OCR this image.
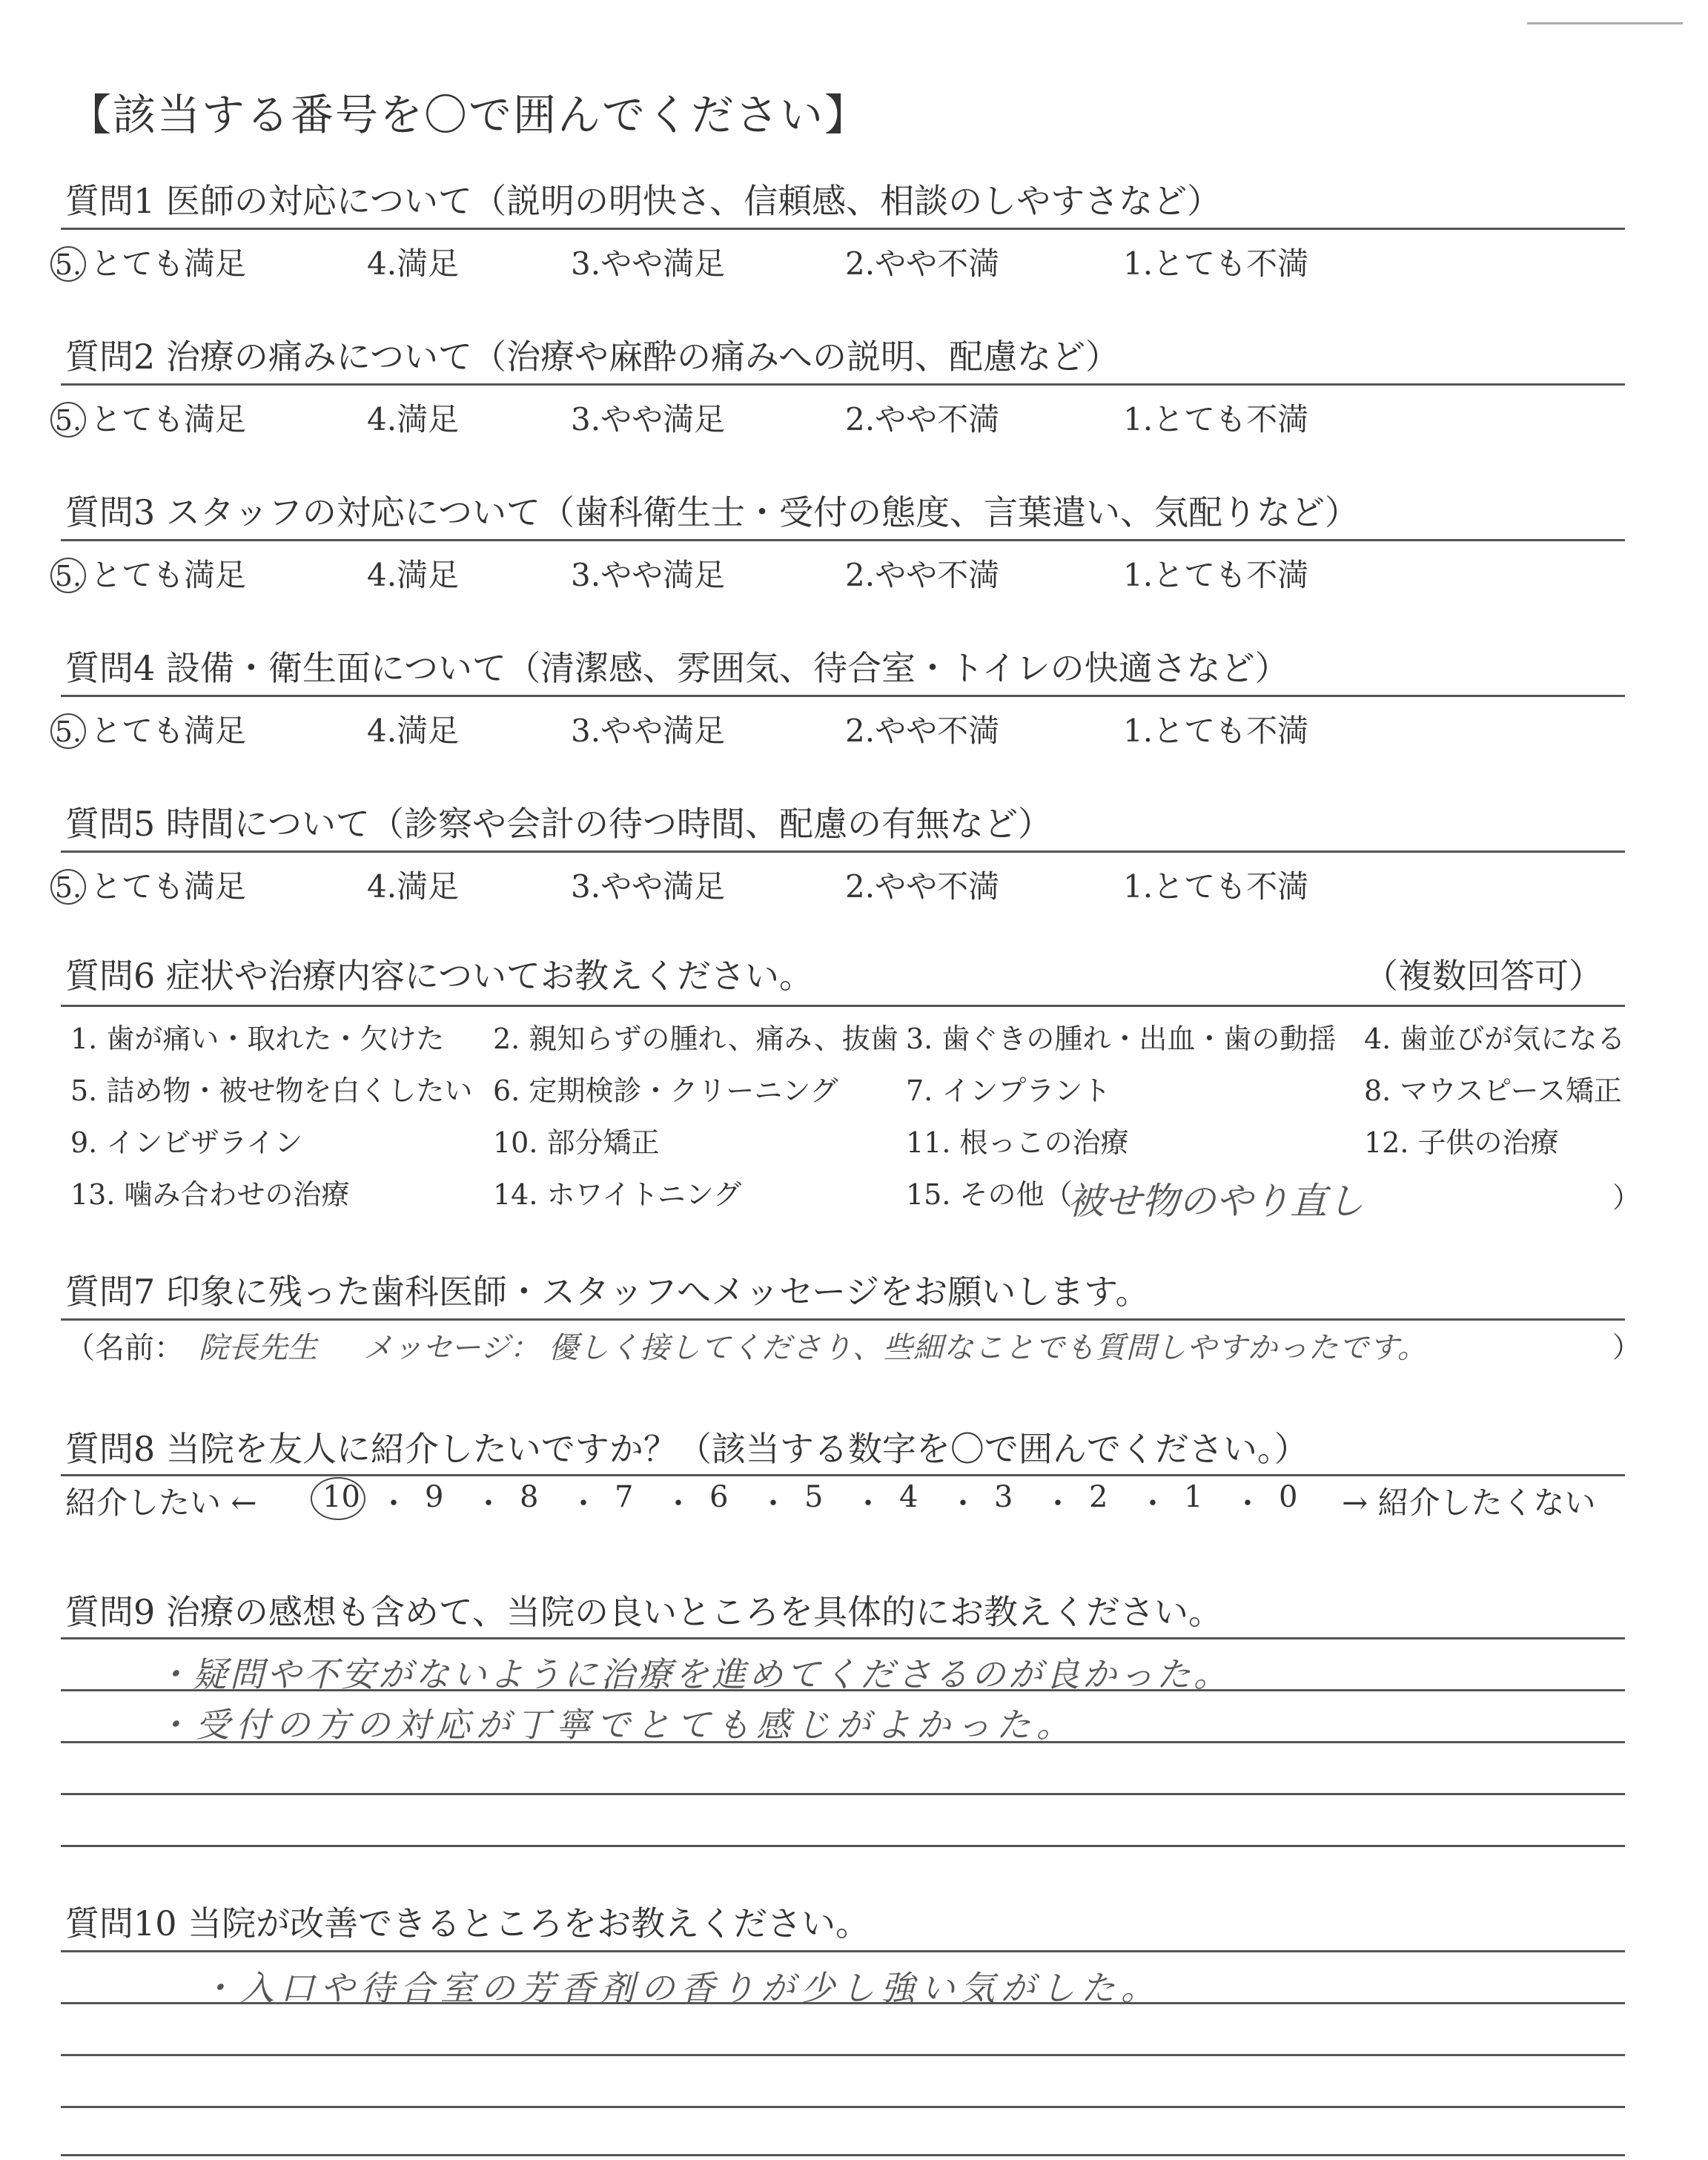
【該当する番号を〇で囲んでください】
質問1 医師の対応について（説明の明快さ、信頼感、相談のしやすさなど）
5. とても満足	4.満足	3.やや満足	2.やや不満	1.とても不満
質問2 治療の痛みについて（治療や麻酔の痛みへの説明、配慮など）
5. とても満足	4.満足	3.やや満足	2.やや不満	1.とても不満
質問3 スタッフの対応について（歯科衛生士・受付の態度、言葉遣い、気配りなど）
5. とても満足	4.満足	3.やや満足	2.やや不満	1.とても不満
質問4 設備・衛生面について（清潔感、雰囲気、待合室・トイレの快適さなど）
5. とても満足	4.満足	3.やや満足	2.やや不満	1.とても不満
質問5 時間について（診察や会計の待つ時間、配慮の有無など）
5. とても満足	4.満足	3.やや満足	2.やや不満	1.とても不満
質問6 症状や治療内容についてお教えください。	（複数回答可）
1. 歯が痛い・取れた・欠けた 2. 親知らずの腫れ、痛み、抜歯 3. 歯ぐきの腫れ・出血・歯の動揺 4. 歯並びが気になる
5. 詰め物・被せ物を白くしたい 6. 定期検診・クリーニング 7. インプラント	8. マウスピース矯正
9. インビザライン	10. 部分矯正	11. 根っこの治療	12. 子供の治療
13. 噛み合わせの治療	14. ホワイトニング	15. その他（
被せ物のやり直し	）
質問7 印象に残った歯科医師・スタッフへメッセージをお願いします。
（名前： 院長先生 メッセージ： 優しく接してくださり、些細なことでも質問しやすかったです。	）
質問8 当院を友人に紹介したいですか？（該当する数字を〇で囲んでください。）
紹介したい ← 10 ・ 9 ・ 8 ・ 7 ・ 6 ・ 5 ・ 4 ・ 3 ・ 2 ・ 1 ・ 0 → 紹介したくない
質問9 治療の感想も含めて、当院の良いところを具体的にお教えください。
・疑問や不安がないように治療を進めてくださるのが良かった。
・受付の方の対応が丁寧でとても感じがよかった。
質問10 当院が改善できるところをお教えください。
・入口や待合室の芳香剤の香りが少し強い気がした。
